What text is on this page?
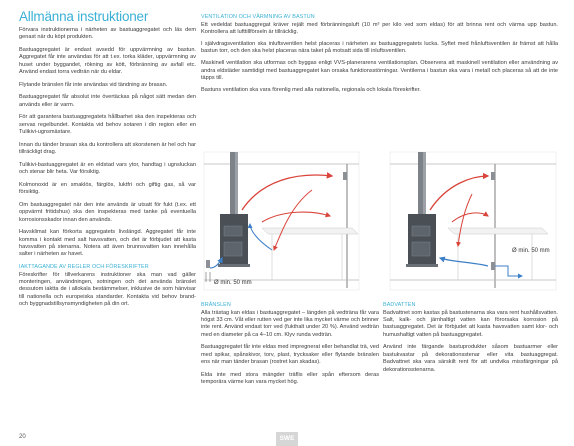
Allmänna instruktioner
Förvara instruktionerna i närheten av bastuaggregatet och läs dem genast när du köpt produkten.
Bastuaggregatet är endast avsedd för uppvärmning av bastun. Aggregatet får inte användas för att t.ex. torka kläder, uppvärmning av huset under byggandet, rökning av kött, förbränning av avfall etc. Använd endast torra vedträn när du eldar.
Flytande bränslen får inte användas vid tändning av brasan.
Bastuaggregatet får absolut inte övertäckas på något sätt medan den används eller är varm.
För att garantera bastuaggregatets hållbarhet ska den inspekteras och servas regelbundet. Kontakta vid behov sotaren i din region eller en Tulikivi-ugnsmästare.
Innan du tänder brasan ska du kontrollera att skorstenen är hel och har tillräckligt drag.
Tulikivi-bastuaggregatet är en eldstad vars ytor, handtag i ugnsluckan och stenar blir heta. Var försiktig.
Kolmonoxid är en smaklös, färglös, luktfri och giftig gas, så var försiktig.
Om bastuaggregatet när den inte används är utsatt för fukt (t.ex. ett oppvärmt fritidshus) ska den inspekteras med tanke på eventuella korrosionsskador innan den används.
Havsklimat kan förkorta aggregatets livslängd. Aggregatet får inte komma i kontakt med salt havsvatten, och det är förbjudet att kasta havsvatten på stenarna. Notera att även brunnsvatten kan innehålla salter i närheten av havet.
IAKTTAGANDE AV REGLER OCH FÖRESKRIFTER
Föreskrifter för tillverkarens instruktioner ska man vad gäller monteringen, användningen, sotningen och det använda bränslet dessutom iaktta de i allokala bestämmelser, inklusive de som hänvisar till nationella och europeiska standarder. Kontakta vid behov brand- och byggnadstillsynsmyndigheten på din ort.
20
VENTILATION OCH VÄRMNING AV BASTUN
Ett vedeldat bastuaggregat kräver rejält med förbränningsluft (10 m³ per kilo ved som eldas) för att brinna rent och värma upp bastun. Kontrollera att lufttillförseln är tillräcklig.
I självdragsventilation ska inluftsventilen helst placeras i närheten av bastuaggregatets lucka. Syftet med frånluftsventilen är främst att hålla bastun torr, och den ska helst placeras nära taket på motsatt sida till inluftsventilen.
Maskinell ventilation ska utformas och byggas enligt VVS-planerarens ventilationsplan. Observera att maskinell ventilation eller användning av andra eldstäder samtidigt med bastuaggregatet kan orsaka funktionsstörningar. Ventilerna i bastun ska vara i metall och placeras så att de inte täpps till.
Bastuns ventilation ska vara förenlig med alla nationella, regionala och lokala föreskrifter.
Ø min. 50 mm
Ø min. 50 mm
BRÄNSLEN
Alla trästag kan eldas i bastuaggregatet – längden på vedträna får vara högst 33 cm. Våt eller rutten ved ger inte lika mycket värme och brinner inte rent. Använd endast torr ved (fukthalt under 20 %). Använd vedträn med en diameter på ca 4–10 cm. Klyv runda vedträn.
Bastuaggregatet får inte eldas med impregnerat eller behandlat trä, ved med spikar, spånskivor, torv, plast, trycksaker eller flytande bränslen ens när man tänder brasan (rostret kan skadas).
Elda inte med stora mängder träflis eller spån eftersom deras temporära värme kan vara mycket hög.
BADVATTEN
Badvattnet som kastas på bastustenarna ska vara rent hushållsvatten. Salt, kalk- och järnhaltigt vatten kan förorsaka korrosion på bastuaggregatet. Det är förbjudet att kasta havsvatten samt klor- och humushaltigt vatten på bastuaggregatet.
Använd inte färgande bastuprodukter såsom bastuarmer eller bastukvastar på dekorationsstenar eller vita bastuaggregat. Badvattnet ska vara särskilt rent för att undvika missfärgningar på dekorationsstenarna.
SWE
